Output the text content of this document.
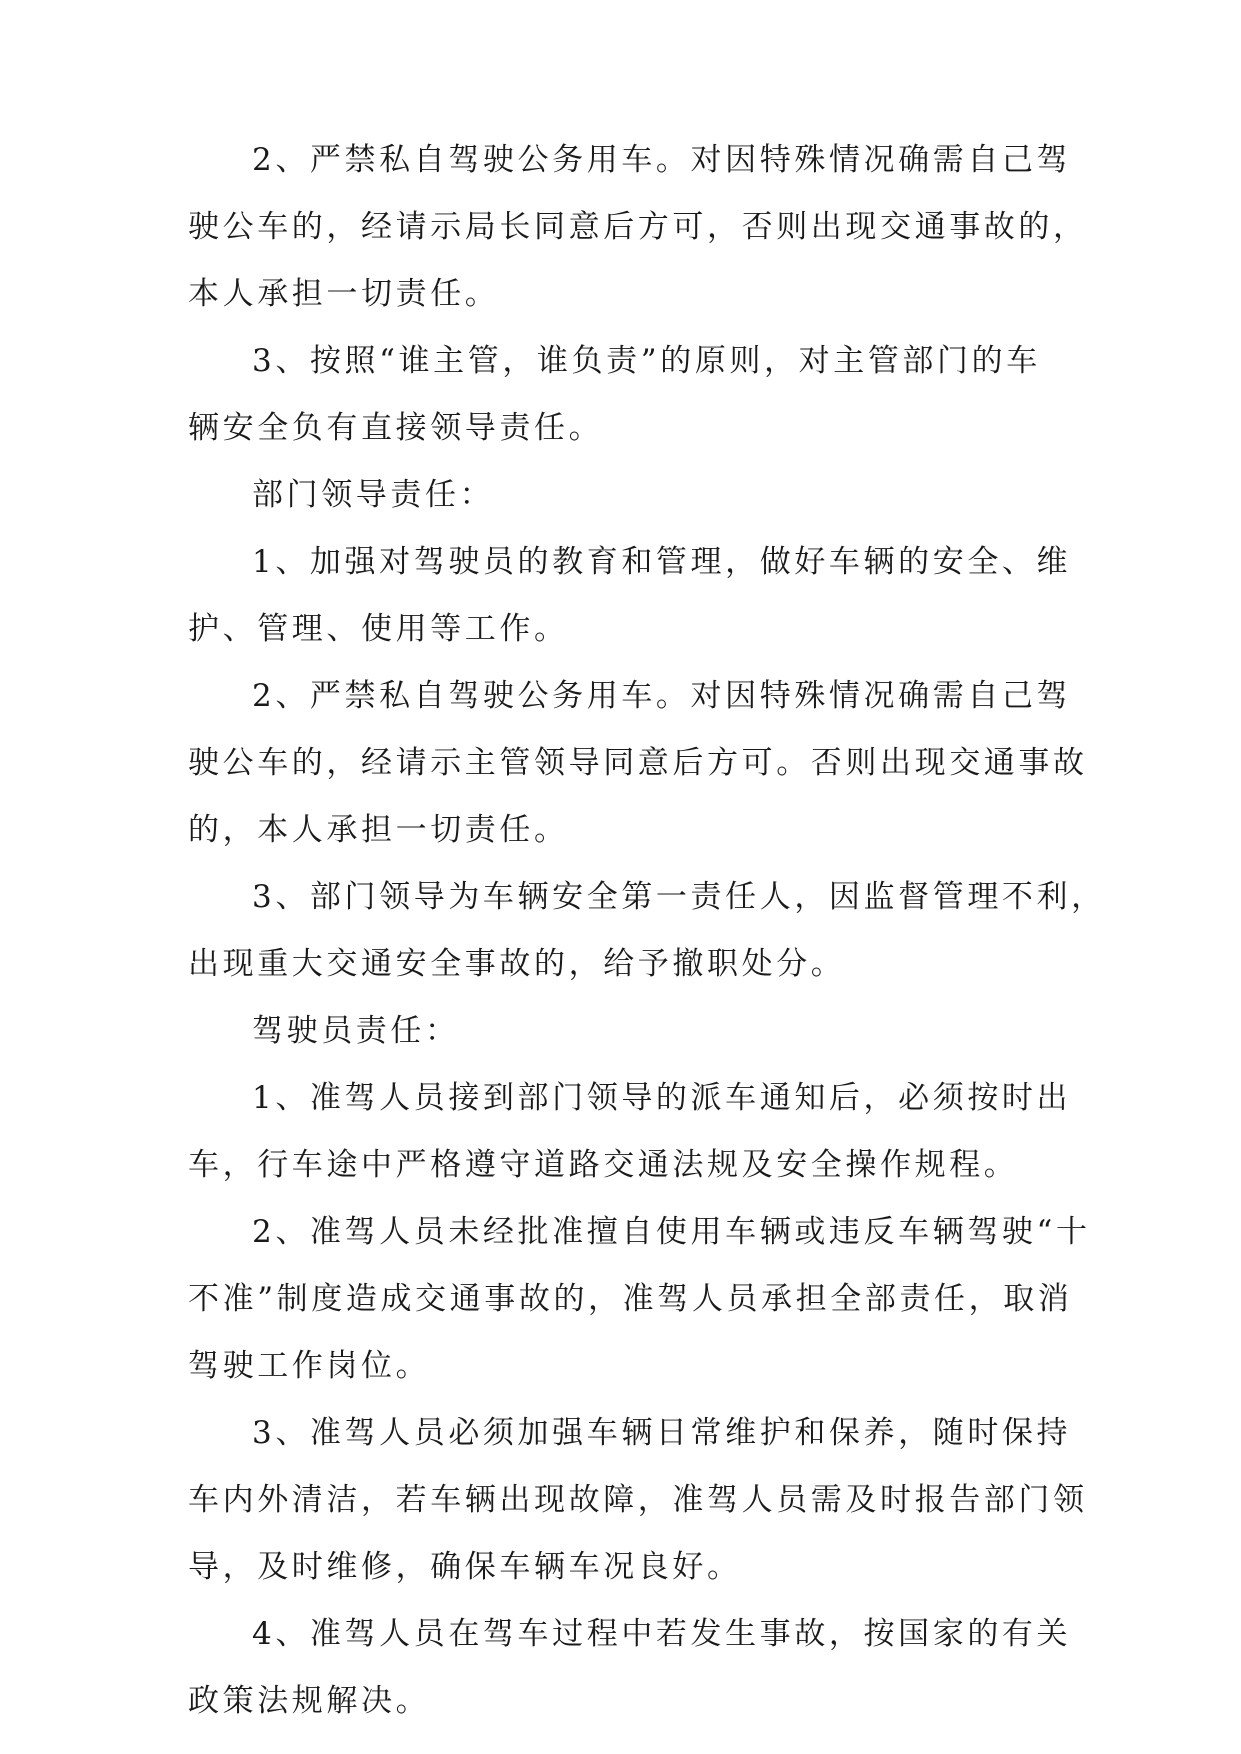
2、严禁私自驾驶公务用车。对因特殊情况确需自己驾
驶公车的，经请示局长同意后方可，否则出现交通事故的，
本人承担一切责任。
3、按照“谁主管，谁负责”的原则，对主管部门的车
辆安全负有直接领导责任。
部门领导责任：
1、加强对驾驶员的教育和管理，做好车辆的安全、维
护、管理、使用等工作。
2、严禁私自驾驶公务用车。对因特殊情况确需自己驾
驶公车的，经请示主管领导同意后方可。否则出现交通事故
的，本人承担一切责任。
3、部门领导为车辆安全第一责任人，因监督管理不利，
出现重大交通安全事故的，给予撤职处分。
驾驶员责任：
1、准驾人员接到部门领导的派车通知后，必须按时出
车，行车途中严格遵守道路交通法规及安全操作规程。
2、准驾人员未经批准擅自使用车辆或违反车辆驾驶“十
不准”制度造成交通事故的，准驾人员承担全部责任，取消
驾驶工作岗位。
3、准驾人员必须加强车辆日常维护和保养，随时保持
车内外清洁，若车辆出现故障，准驾人员需及时报告部门领
导，及时维修，确保车辆车况良好。
4、准驾人员在驾车过程中若发生事故，按国家的有关
政策法规解决。
